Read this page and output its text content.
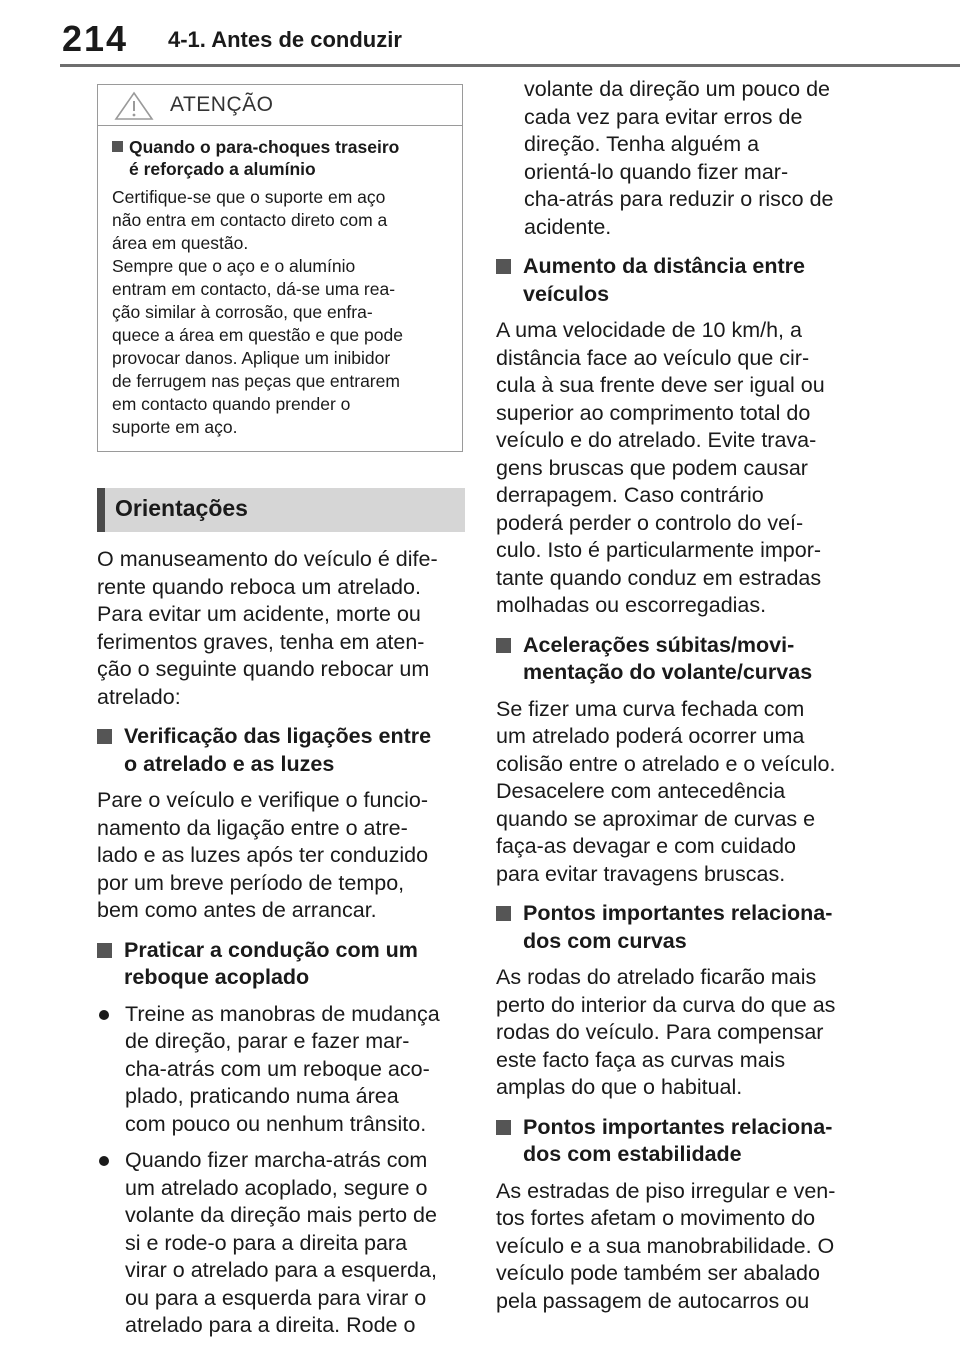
214 4-1. Antes de conduzir
ATENÇÃO
Quando o para-choques traseiro
é reforçado a alumínio

Certifique-se que o suporte em aço
não entra em contacto direto com a
área em questão.

Sempre que o aço e o alumínio
entram em contacto, dá-se uma rea-
ção similar à corrosão, que enfra-
quece a área em questão e que pode
provocar danos. Aplique um inibidor
de ferrugem nas peças que entrarem
em contacto quando prender o
suporte em aço.

Orientações

O manuseamento do veículo é dife-
rente quando reboca um atrelado.
Para evitar um acidente, morte ou
ferimentos graves, tenha em aten-
ção o seguinte quando rebocar um
atrelado:

Verificação das ligações entre
o atrelado e as luzes

Pare o veículo e verifique o funcio-
namento da ligação entre o atre-
lado e as luzes após ter conduzido
por um breve período de tempo,
bem como antes de arrancar.

Praticar a condução com um
reboque acoplado
Treine as manobras de mudança
de direção, parar e fazer mar-
cha-atrás com um reboque aco-
plado, praticando numa área
com pouco ou nenhum trânsito.
Quando fizer marcha-atrás com
um atrelado acoplado, segure o
volante da direção mais perto de
si e rode-o para a direita para
virar o atrelado para a esquerda,
ou para a esquerda para virar o
atrelado para a direita. Rode o

volante da direção um pouco de
cada vez para evitar erros de
direção. Tenha alguém a
orientá-lo quando fizer mar-
cha-atrás para reduzir o risco de
acidente.

Aumento da distância entre
veículos

A uma velocidade de 10 km/h, a
distância face ao veículo que cir-
cula à sua frente deve ser igual ou
superior ao comprimento total do
veículo e do atrelado. Evite trava-
gens bruscas que podem causar
derrapagem. Caso contrário
poderá perder o controlo do veí-
culo. Isto é particularmente impor-
tante quando conduz em estradas
molhadas ou escorregadias.

Acelerações súbitas/movi-
mentação do volante/curvas

Se fizer uma curva fechada com
um atrelado poderá ocorrer uma
colisão entre o atrelado e o veículo.
Desacelere com antecedência
quando se aproximar de curvas e
faça-as devagar e com cuidado
para evitar travagens bruscas.

Pontos importantes relaciona-
dos com curvas

As rodas do atrelado ficarão mais
perto do interior da curva do que as
rodas do veículo. Para compensar
este facto faça as curvas mais
amplas do que o habitual.

Pontos importantes relaciona-
dos com estabilidade

As estradas de piso irregular e ven-
tos fortes afetam o movimento do
veículo e a sua manobrabilidade. O
veículo pode também ser abalado
pela passagem de autocarros ou
